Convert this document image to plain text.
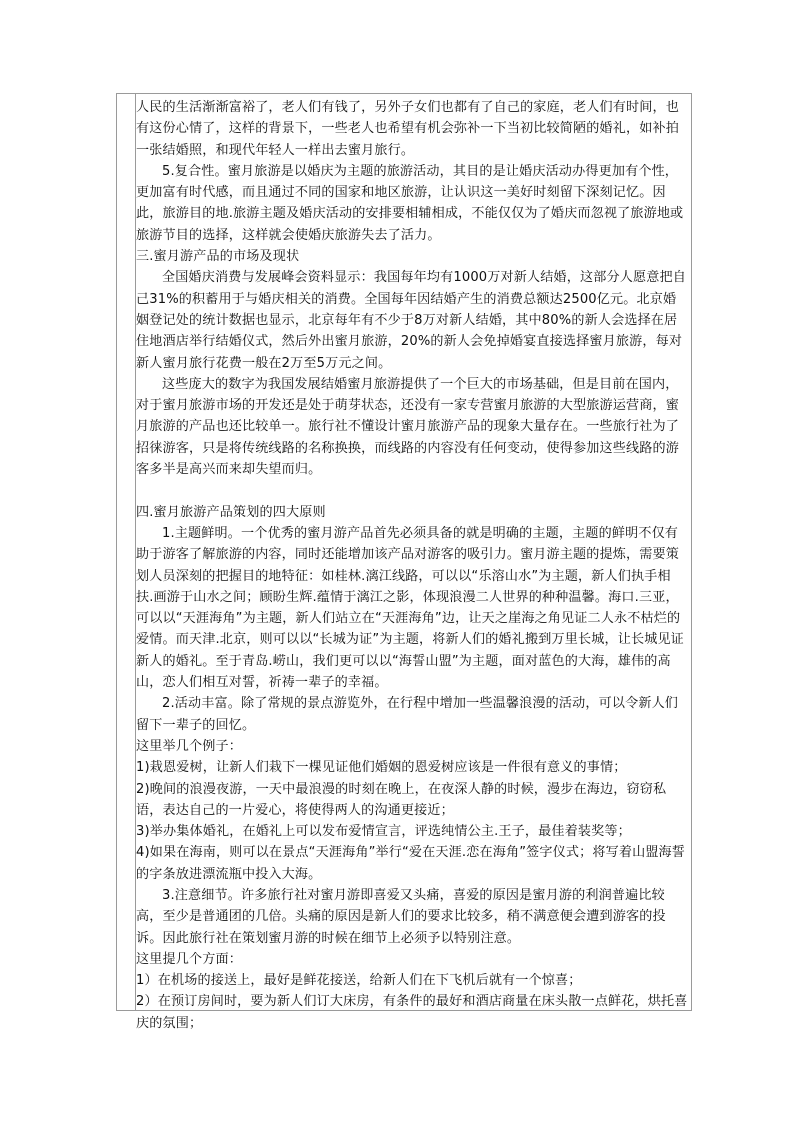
人民的生活渐渐富裕了，老人们有钱了，另外子女们也都有了自己的家庭，老人们有时间，也有这份心情了，这样的背景下，一些老人也希望有机会弥补一下当初比较简陋的婚礼，如补拍一张结婚照，和现代年轻人一样出去蜜月旅行。

5.复合性。蜜月旅游是以婚庆为主题的旅游活动，其目的是让婚庆活动办得更加有个性，更加富有时代感，而且通过不同的国家和地区旅游，让认识这一美好时刻留下深刻记忆。因此，旅游目的地.旅游主题及婚庆活动的安排要相辅相成，不能仅仅为了婚庆而忽视了旅游地或旅游节目的选择，这样就会使婚庆旅游失去了活力。

三.蜜月游产品的市场及现状

全国婚庆消费与发展峰会资料显示：我国每年均有1000万对新人结婚，这部分人愿意把自己31%的积蓄用于与婚庆相关的消费。全国每年因结婚产生的消费总额达2500亿元。北京婚姻登记处的统计数据也显示，北京每年有不少于8万对新人结婚，其中80%的新人会选择在居住地酒店举行结婚仪式，然后外出蜜月旅游，20%的新人会免掉婚宴直接选择蜜月旅游，每对新人蜜月旅行花费一般在2万至5万元之间。

这些庞大的数字为我国发展结婚蜜月旅游提供了一个巨大的市场基础，但是目前在国内，对于蜜月旅游市场的开发还是处于萌芽状态，还没有一家专营蜜月旅游的大型旅游运营商，蜜月旅游的产品也还比较单一。旅行社不懂设计蜜月旅游产品的现象大量存在。一些旅行社为了招徕游客，只是将传统线路的名称换换，而线路的内容没有任何变动，使得参加这些线路的游客多半是高兴而来却失望而归。

四.蜜月旅游产品策划的四大原则

1.主题鲜明。一个优秀的蜜月游产品首先必须具备的就是明确的主题，主题的鲜明不仅有助于游客了解旅游的内容，同时还能增加该产品对游客的吸引力。蜜月游主题的提炼，需要策划人员深刻的把握目的地特征：如桂林.漓江线路，可以以“乐溶山水”为主题，新人们执手相扶.画游于山水之间；顾盼生辉.蕴情于漓江之影，体现浪漫二人世界的种种温馨。海口.三亚，可以以“天涯海角”为主题，新人们站立在“天涯海角”边，让天之崖海之角见证二人永不枯烂的爱情。而天津.北京，则可以以“长城为证”为主题，将新人们的婚礼搬到万里长城，让长城见证新人的婚礼。至于青岛.崂山，我们更可以以“海誓山盟”为主题，面对蓝色的大海，雄伟的高山，恋人们相互对誓，祈祷一辈子的幸福。

2.活动丰富。除了常规的景点游览外，在行程中增加一些温馨浪漫的活动，可以令新人们留下一辈子的回忆。

这里举几个例子：

1)栽恩爱树，让新人们栽下一棵见证他们婚姻的恩爱树应该是一件很有意义的事情；

2)晚间的浪漫夜游，一天中最浪漫的时刻在晚上，在夜深人静的时候，漫步在海边，窃窃私语，表达自己的一片爱心，将使得两人的沟通更接近；

3)举办集体婚礼，在婚礼上可以发布爱情宣言，评选纯情公主.王子，最佳着装奖等；

4)如果在海南，则可以在景点“天涯海角”举行“爱在天涯.恋在海角”签字仪式；将写着山盟海誓的字条放进漂流瓶中投入大海。

3.注意细节。许多旅行社对蜜月游即喜爱又头痛，喜爱的原因是蜜月游的利润普遍比较高，至少是普通团的几倍。头痛的原因是新人们的要求比较多，稍不满意便会遭到游客的投诉。因此旅行社在策划蜜月游的时候在细节上必须予以特别注意。

这里提几个方面：

1）在机场的接送上，最好是鲜花接送，给新人们在下飞机后就有一个惊喜；

2）在预订房间时，要为新人们订大床房，有条件的最好和酒店商量在床头散一点鲜花，烘托喜庆的氛围；
